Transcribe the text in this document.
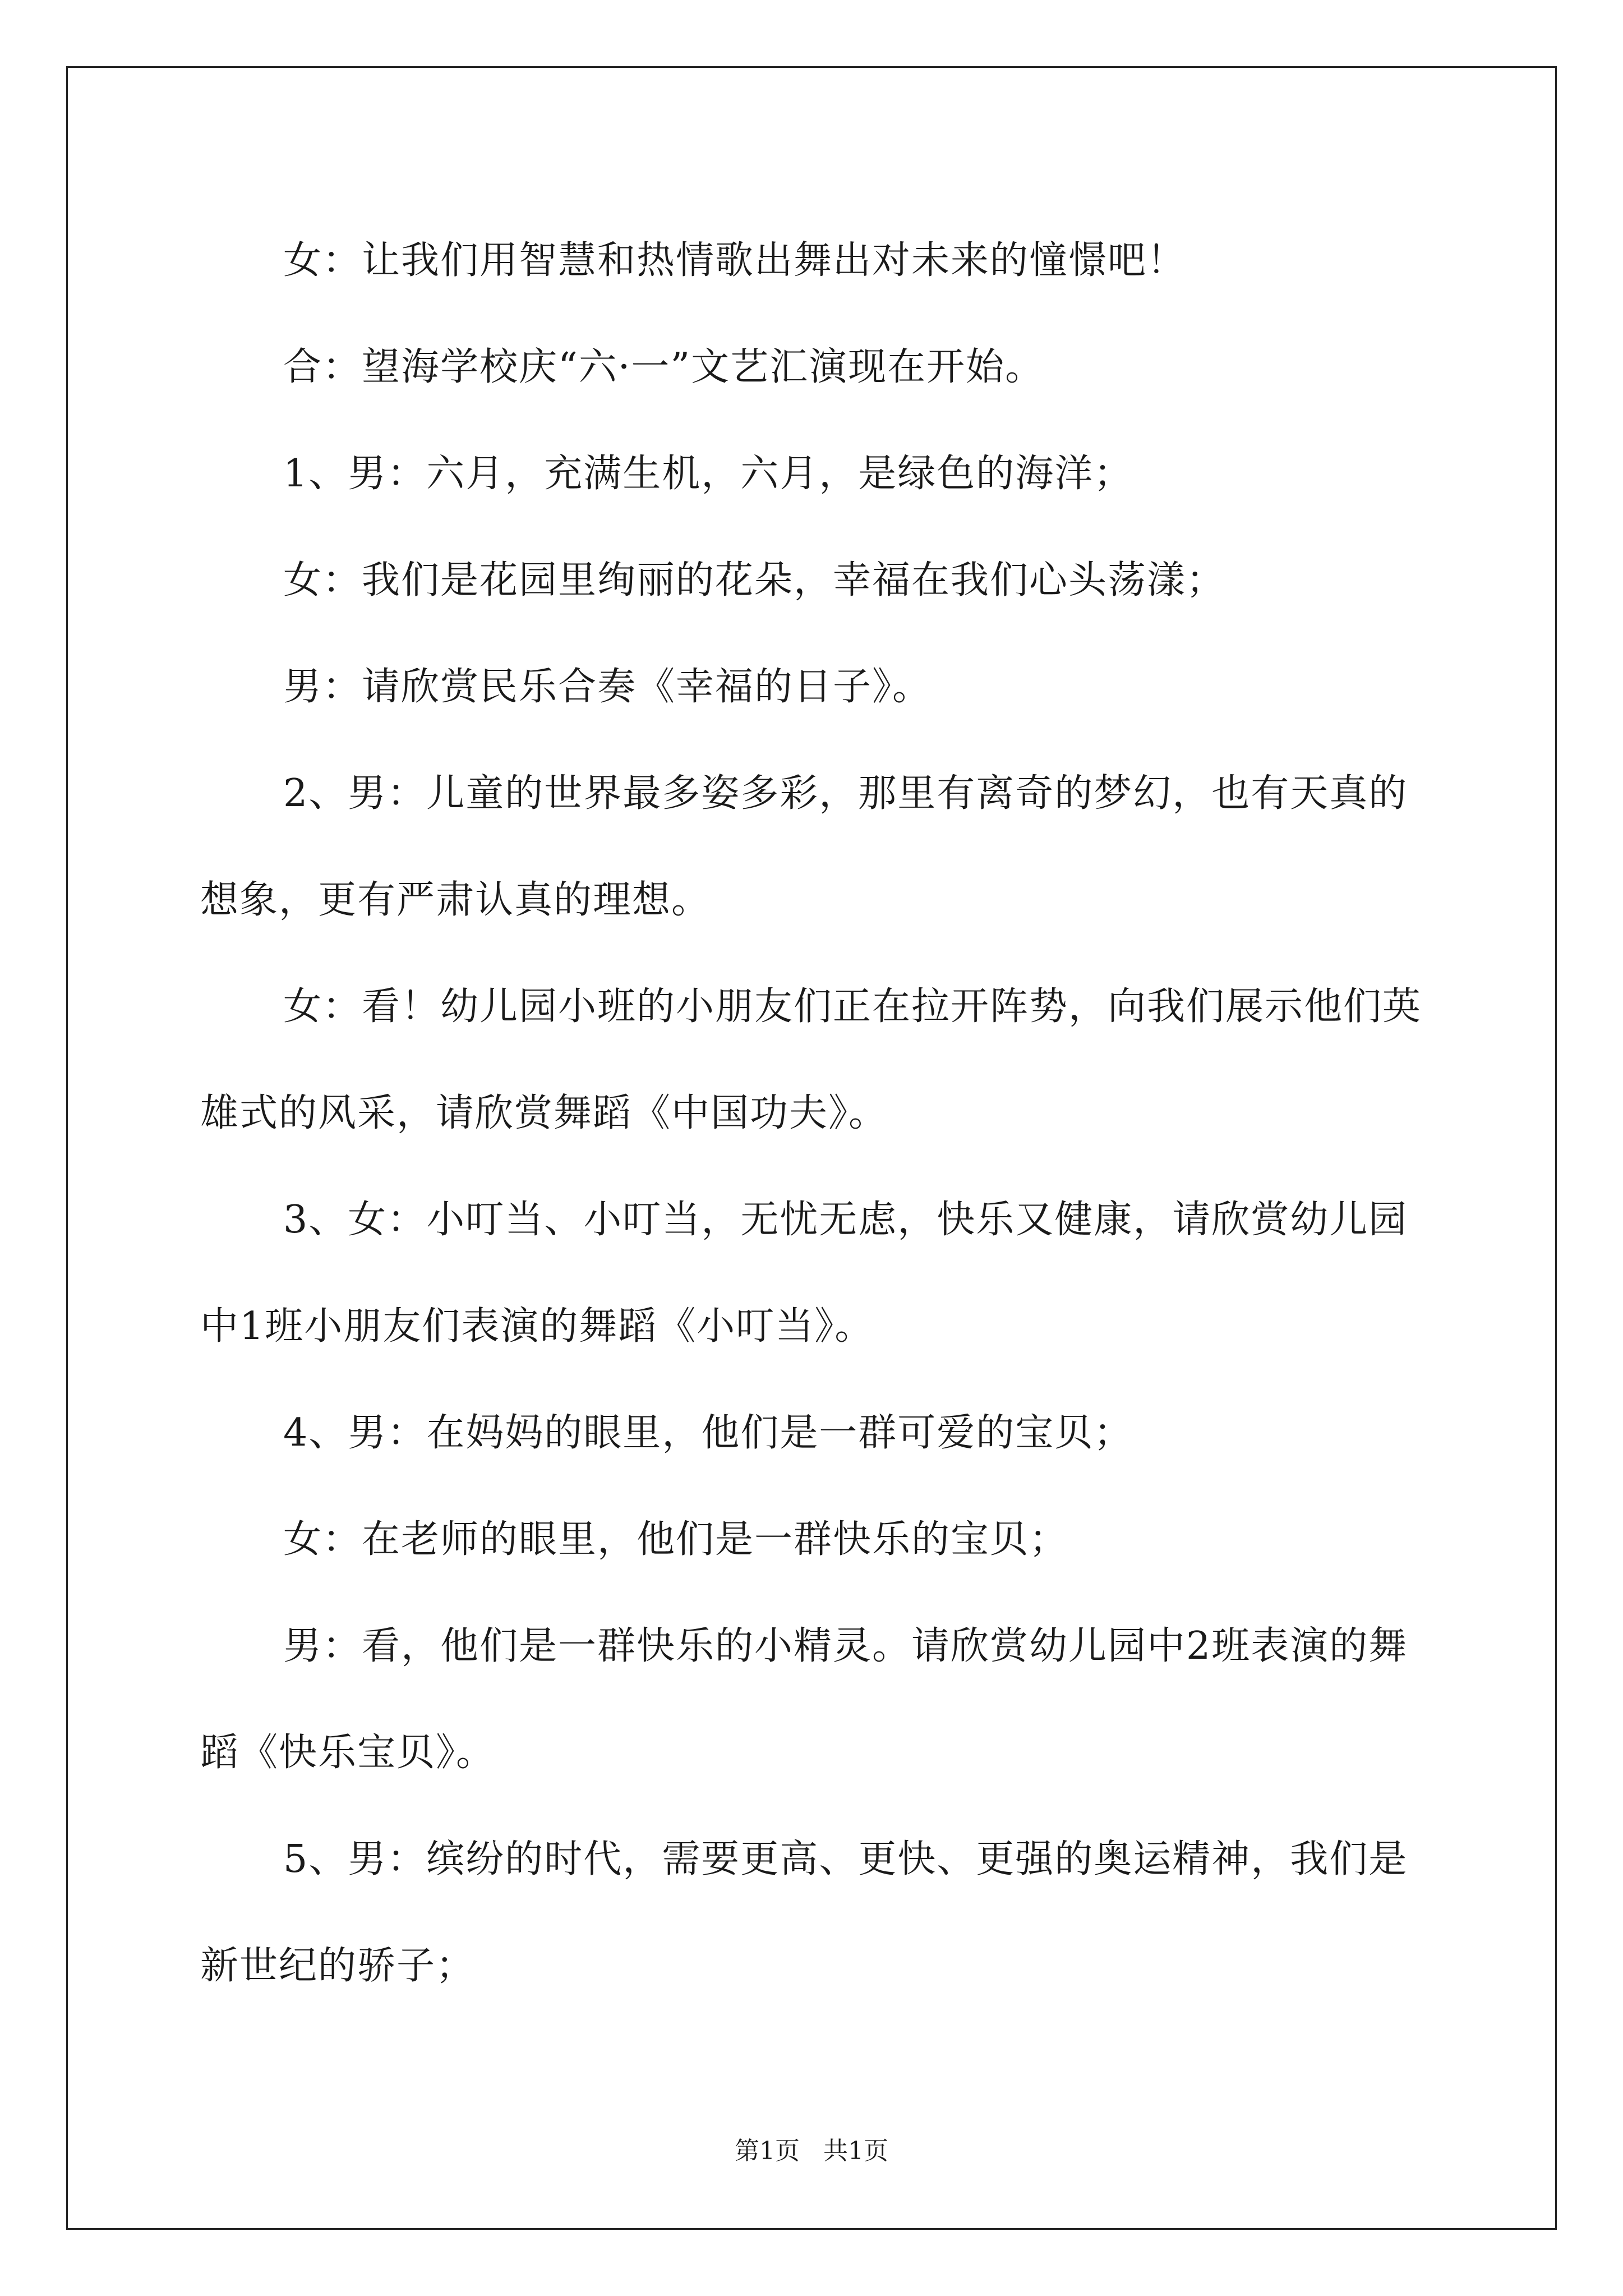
女：让我们用智慧和热情歌出舞出对未来的憧憬吧！

合：望海学校庆“六·一”文艺汇演现在开始。

1、男：六月，充满生机，六月，是绿色的海洋；

女：我们是花园里绚丽的花朵，幸福在我们心头荡漾；

男：请欣赏民乐合奏《幸福的日子》。

2、男：儿童的世界最多姿多彩，那里有离奇的梦幻，也有天真的想象，更有严肃认真的理想。

女：看！幼儿园小班的小朋友们正在拉开阵势，向我们展示他们英雄式的风采，请欣赏舞蹈《中国功夫》。

3、女：小叮当、小叮当，无忧无虑，快乐又健康，请欣赏幼儿园中1班小朋友们表演的舞蹈《小叮当》。

4、男：在妈妈的眼里，他们是一群可爱的宝贝；

女：在老师的眼里，他们是一群快乐的宝贝；

男：看，他们是一群快乐的小精灵。请欣赏幼儿园中2班表演的舞蹈《快乐宝贝》。

5、男：缤纷的时代，需要更高、更快、更强的奥运精神，我们是新世纪的骄子；

第1页 共1页
